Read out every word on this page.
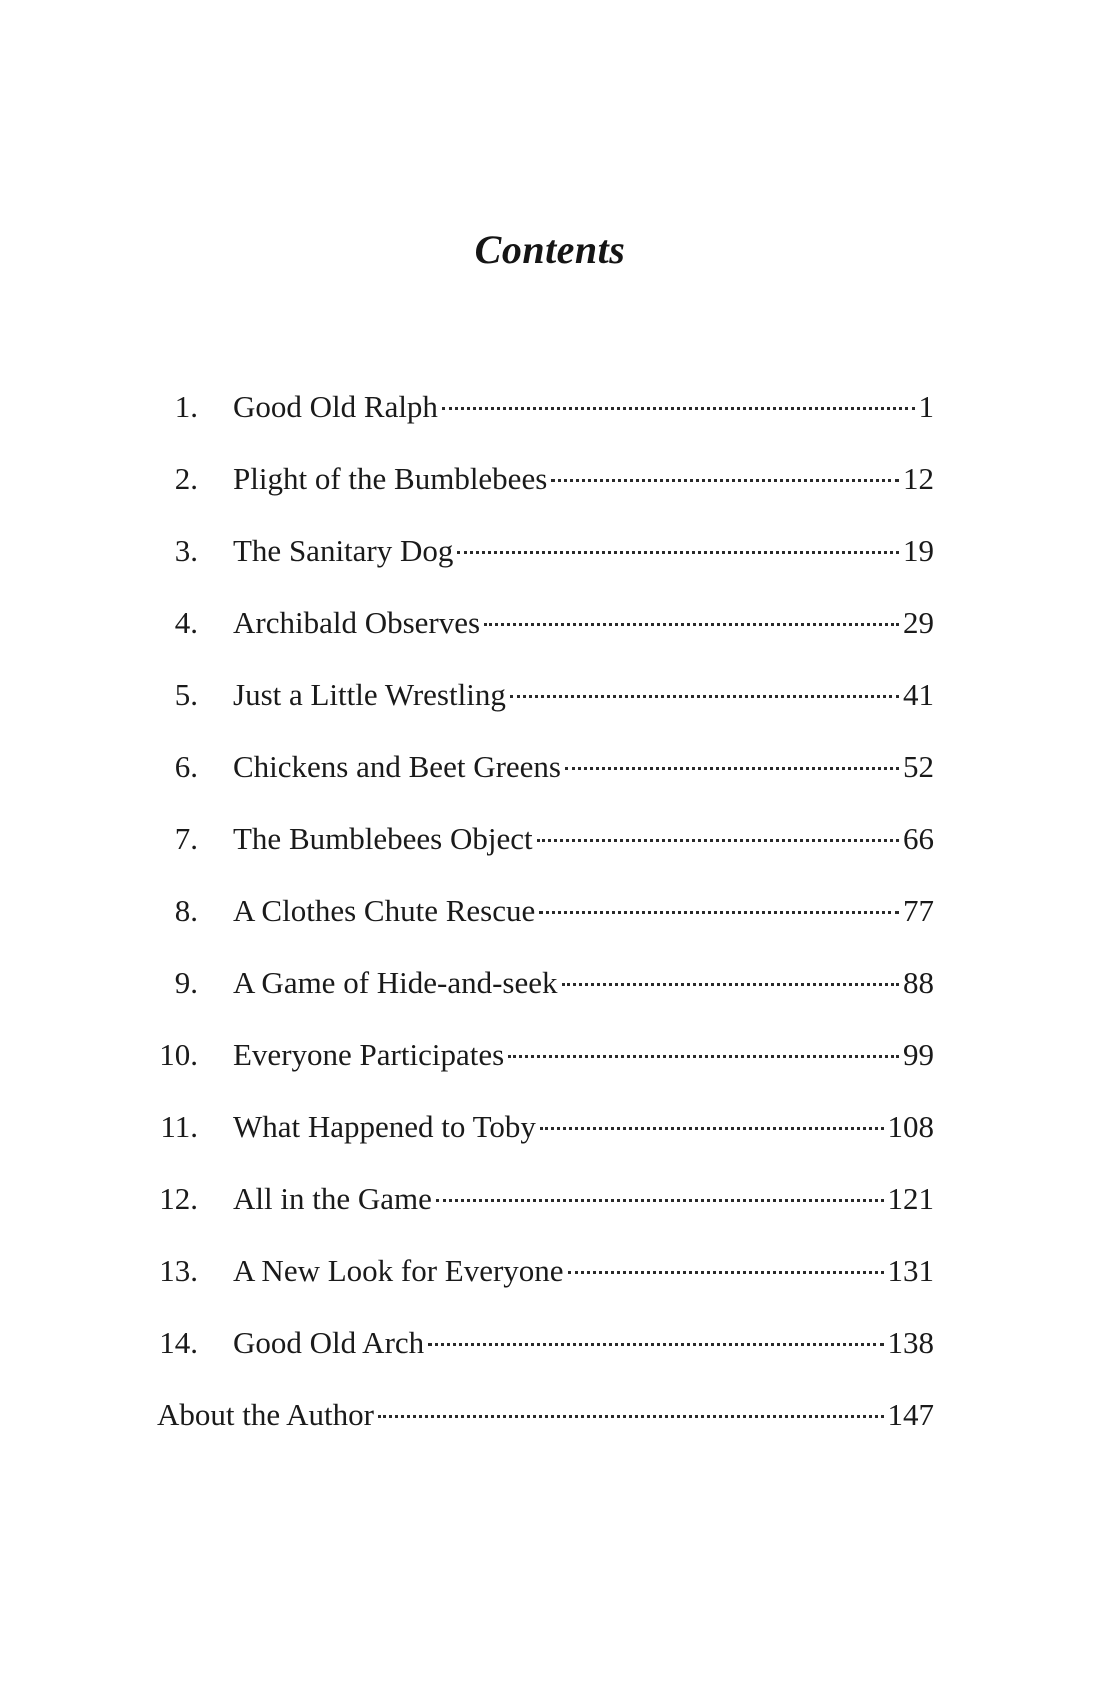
Contents
1. Good Old Ralph	1
2. Plight of the Bumblebees	12
3. The Sanitary Dog	19
4. Archibald Observes	29
5. Just a Little Wrestling	41
6. Chickens and Beet Greens	52
7. The Bumblebees Object	66
8. A Clothes Chute Rescue	77
9. A Game of Hide-and-seek	88
10. Everyone Participates	99
11. What Happened to Toby	108
12. All in the Game	121
13. A New Look for Everyone	131
14. Good Old Arch	138
About the Author	147
